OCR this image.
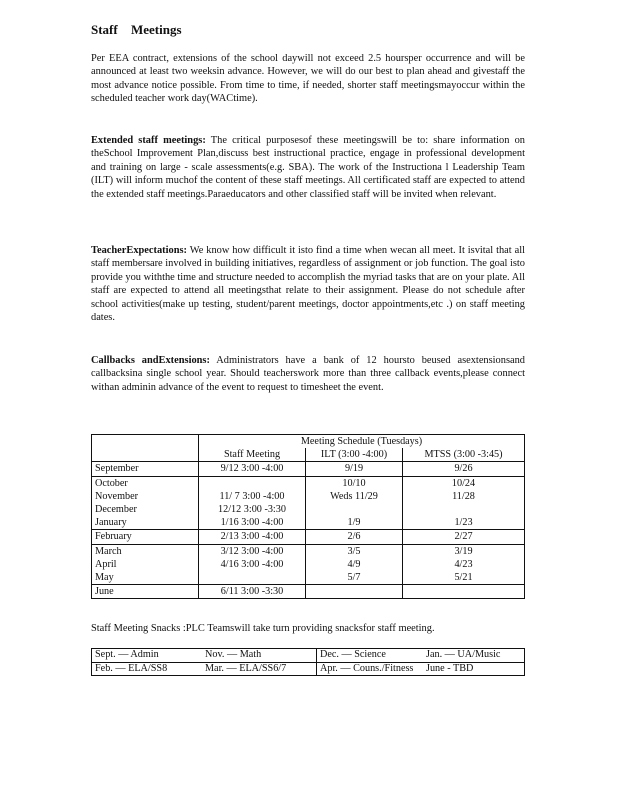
Staff Meetings
Per EEA contract, extensions of the school daywill not exceed 2.5 hoursper occurrence and will be announced at least two weeksin advance. However, we will do our best to plan ahead and givestaff the most advance notice possible. From time to time, if needed, shorter staff meetingsmayoccur within the scheduled teacher work day(WACtime).
Extended staff meetings: The critical purposesof these meetingswill be to: share information on theSchool Improvement Plan,discuss best instructional practice, engage in professional development and training on large - scale assessments(e.g. SBA). The work of the Instructiona l Leadership Team (ILT) will inform muchof the content of these staff meetings. All certificated staff are expected to attend the extended staff meetings.Paraeducators and other classified staff will be invited when relevant.
TeacherExpectations: We know how difficult it isto find a time when wecan all meet. It isvital that all staff membersare involved in building initiatives, regardless of assignment or job function. The goal isto provide you withthe time and structure needed to accomplish the myriad tasks that are on your plate. All staff are expected to attend all meetingsthat relate to their assignment. Please do not schedule after school activities(make up testing, student/parent meetings, doctor appointments,etc .) on staff meeting dates.
Callbacks andExtensions: Administrators have a bank of 12 hoursto beused asextensionsand callbacksina single school year. Should teacherswork more than three callback events,please connect withan adminin advance of the event to request to timesheet the event.
	Meeting Schedule (Tuesdays)		
	Staff Meeting	ILT (3:00 -4:00)	MTSS (3:00 -3:45)
September	9/12 3:00 -4:00	9/19	9/26
October		10/10	10/24
November	11/ 7 3:00 -4:00	Weds 11/29	11/28
December	12/12 3:00 -3:30		
January	1/16 3:00 -4:00	1/9	1/23
February	2/13 3:00 -4:00	2/6	2/27
March	3/12 3:00 -4:00	3/5	3/19
April	4/16 3:00 -4:00	4/9	4/23
May		5/7	5/21
June	6/11 3:00 -3:30		
Staff Meeting Snacks :PLC Teamswill take turn providing snacksfor staff meeting.
Sept. — Admin	Nov. — Math	Dec. — Science	Jan. — UA/Music
Feb. — ELA/SS8	Mar. — ELA/SS6/7	Apr. — Couns./Fitness	June - TBD
